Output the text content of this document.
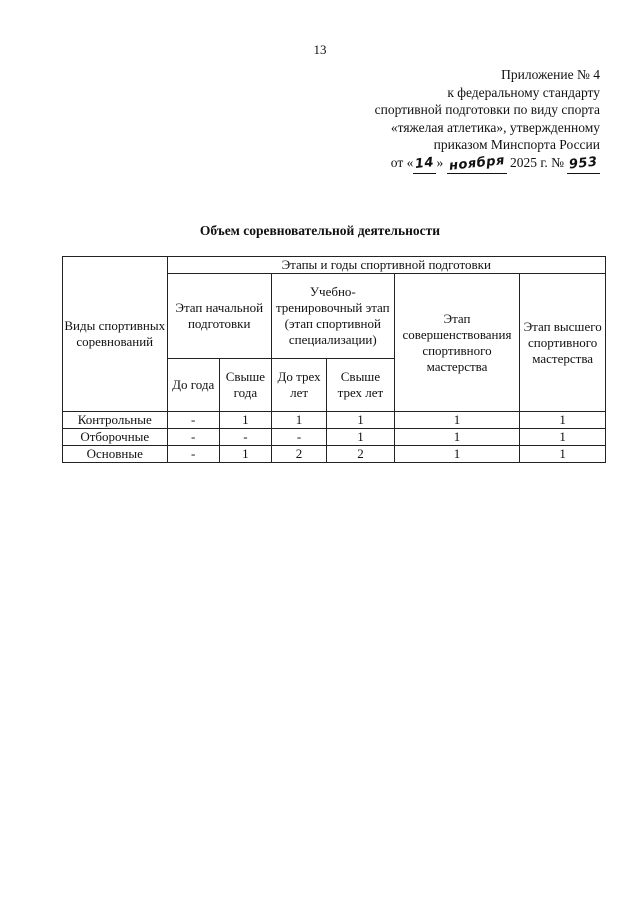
13
Приложение № 4
к федеральному стандарту
спортивной подготовки по виду спорта
«тяжелая атлетика», утвержденному
приказом Минспорта России
от «14» ноября 2025 г. № 953
Объем соревновательной деятельности
Виды спортивных соревнований	Этапы и годы спортивной подготовки					
	Этап начальной подготовки		Учебно-тренировочный этап (этап спортивной специализации)		Этап совершенствования спортивного мастерства	Этап высшего спортивного мастерства
	До года	Свыше года	До трех лет	Свыше трех лет		
Контрольные	-	1	1	1	1	1
Отборочные	-	-	-	1	1	1
Основные	-	1	2	2	1	1
